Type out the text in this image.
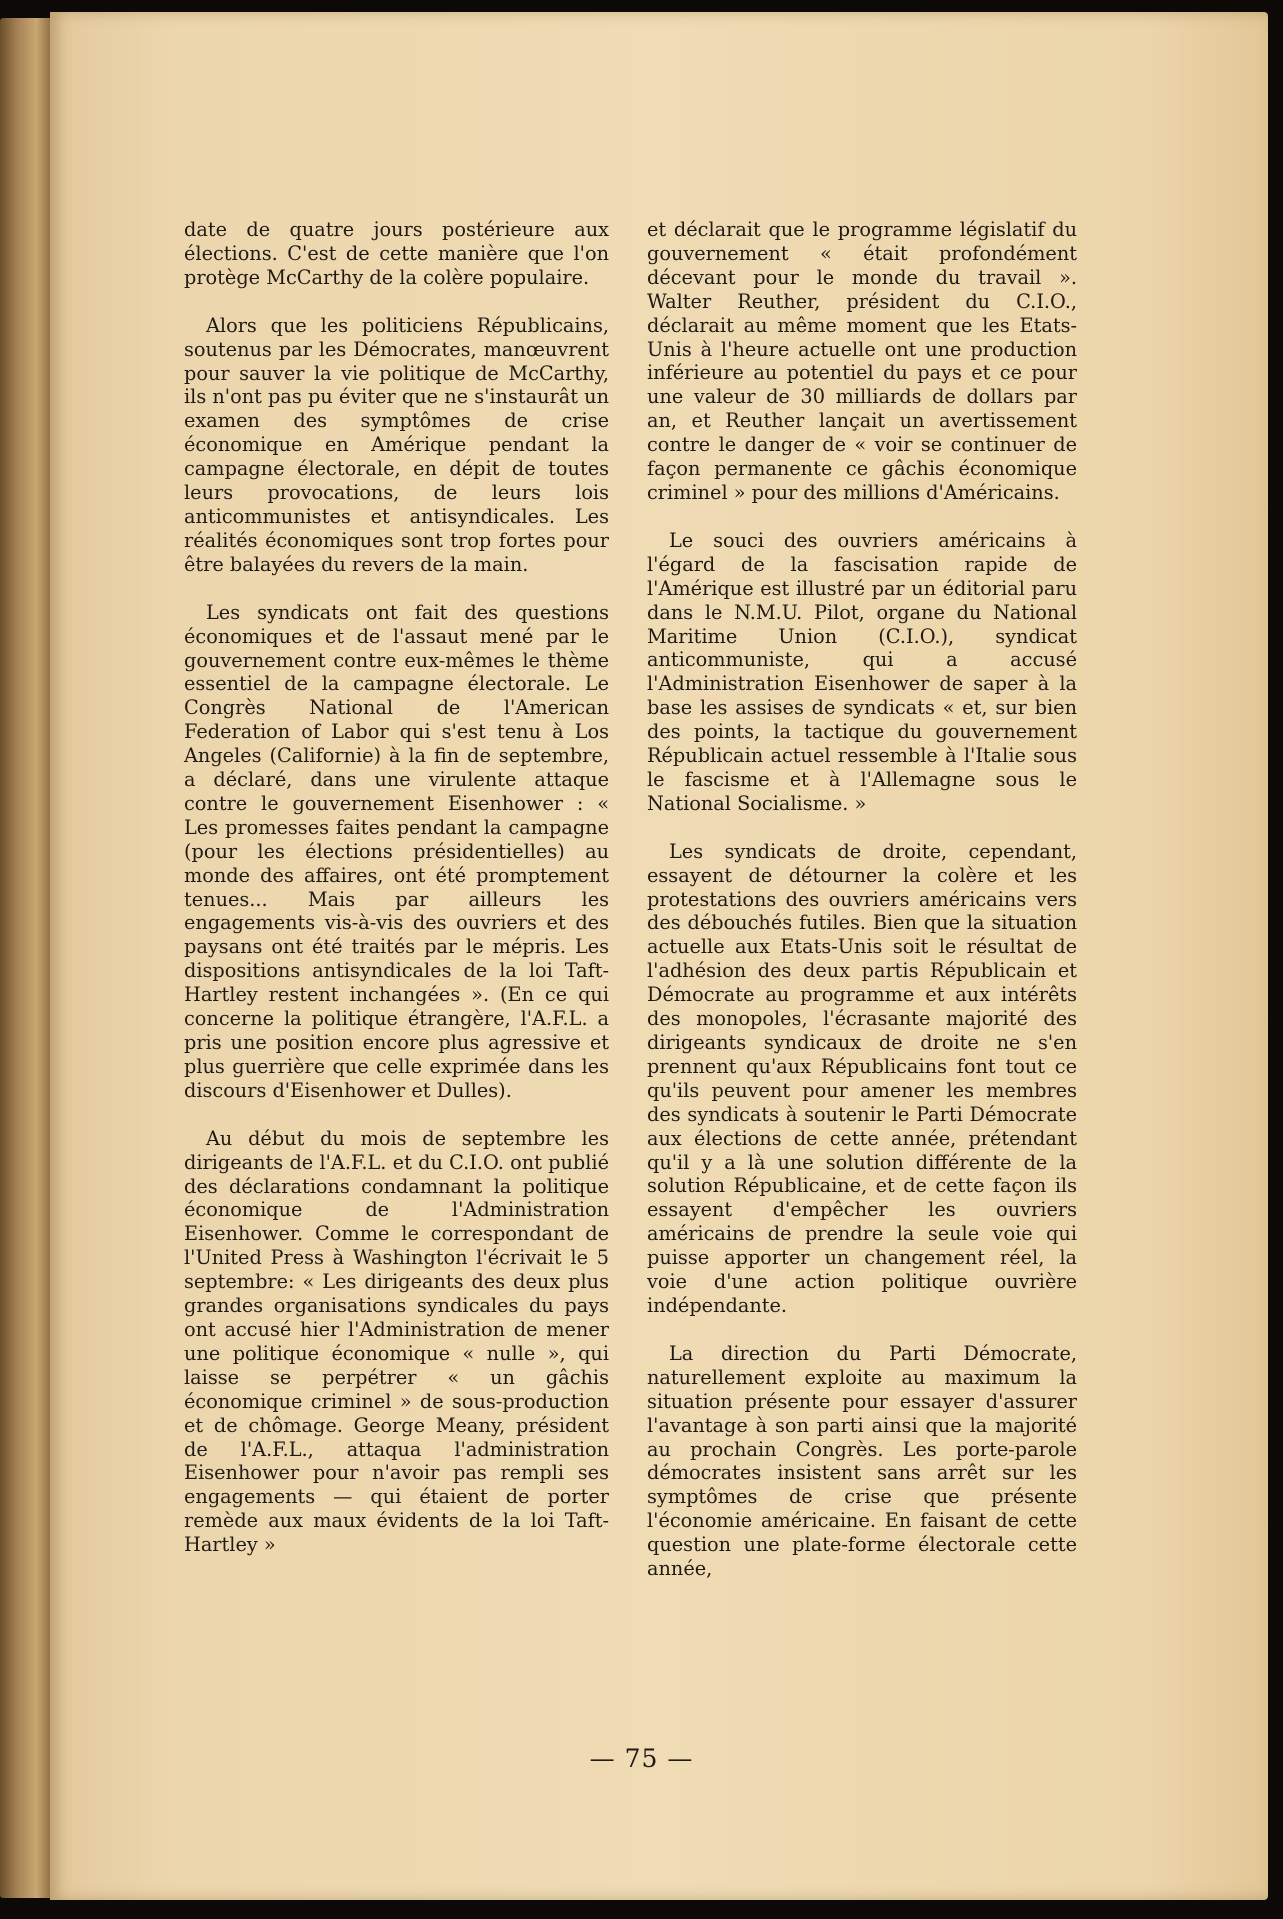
date de quatre jours postérieure aux élections. C'est de cette manière que l'on protège McCarthy de la colère populaire.

Alors que les politiciens Républicains, soutenus par les Démocrates, manœuvrent pour sauver la vie politique de McCarthy, ils n'ont pas pu éviter que ne s'instaurât un examen des symptômes de crise économique en Amérique pendant la campagne électorale, en dépit de toutes leurs provocations, de leurs lois anticommunistes et antisyndicales. Les réalités économiques sont trop fortes pour être balayées du revers de la main.

Les syndicats ont fait des questions économiques et de l'assaut mené par le gouvernement contre eux-mêmes le thème essentiel de la campagne électorale. Le Congrès National de l'American Federation of Labor qui s'est tenu à Los Angeles (Californie) à la fin de septembre, a déclaré, dans une virulente attaque contre le gouvernement Eisenhower : « Les promesses faites pendant la campagne (pour les élections présidentielles) au monde des affaires, ont été promptement tenues... Mais par ailleurs les engagements vis-à-vis des ouvriers et des paysans ont été traités par le mépris. Les dispositions antisyndicales de la loi Taft-Hartley restent inchangées ». (En ce qui concerne la politique étrangère, l'A.F.L. a pris une position encore plus agressive et plus guerrière que celle exprimée dans les discours d'Eisenhower et Dulles).

Au début du mois de septembre les dirigeants de l'A.F.L. et du C.I.O. ont publié des déclarations condamnant la politique économique de l'Administration Eisenhower. Comme le correspondant de l'United Press à Washington l'écrivait le 5 septembre: « Les dirigeants des deux plus grandes organisations syndicales du pays ont accusé hier l'Administration de mener une politique économique « nulle », qui laisse se perpétrer « un gâchis économique criminel » de sous-production et de chômage. George Meany, président de l'A.F.L., attaqua l'administration Eisenhower pour n'avoir pas rempli ses engagements — qui étaient de porter remède aux maux évidents de la loi Taft-Hartley »

et déclarait que le programme législatif du gouvernement « était profondément décevant pour le monde du travail ». Walter Reuther, président du C.I.O., déclarait au même moment que les Etats-Unis à l'heure actuelle ont une production inférieure au potentiel du pays et ce pour une valeur de 30 milliards de dollars par an, et Reuther lançait un avertissement contre le danger de « voir se continuer de façon permanente ce gâchis économique criminel » pour des millions d'Américains.

Le souci des ouvriers américains à l'égard de la fascisation rapide de l'Amérique est illustré par un éditorial paru dans le N.M.U. Pilot, organe du National Maritime Union (C.I.O.), syndicat anticommuniste, qui a accusé l'Administration Eisenhower de saper à la base les assises de syndicats « et, sur bien des points, la tactique du gouvernement Républicain actuel ressemble à l'Italie sous le fascisme et à l'Allemagne sous le National Socialisme. »

Les syndicats de droite, cependant, essayent de détourner la colère et les protestations des ouvriers américains vers des débouchés futiles. Bien que la situation actuelle aux Etats-Unis soit le résultat de l'adhésion des deux partis Républicain et Démocrate au programme et aux intérêts des monopoles, l'écrasante majorité des dirigeants syndicaux de droite ne s'en prennent qu'aux Républicains font tout ce qu'ils peuvent pour amener les membres des syndicats à soutenir le Parti Démocrate aux élections de cette année, prétendant qu'il y a là une solution différente de la solution Républicaine, et de cette façon ils essayent d'empêcher les ouvriers américains de prendre la seule voie qui puisse apporter un changement réel, la voie d'une action politique ouvrière indépendante.

La direction du Parti Démocrate, naturellement exploite au maximum la situation présente pour essayer d'assurer l'avantage à son parti ainsi que la majorité au prochain Congrès. Les porte-parole démocrates insistent sans arrêt sur les symptômes de crise que présente l'économie américaine. En faisant de cette question une plate-forme électorale cette année,

— 75 —
